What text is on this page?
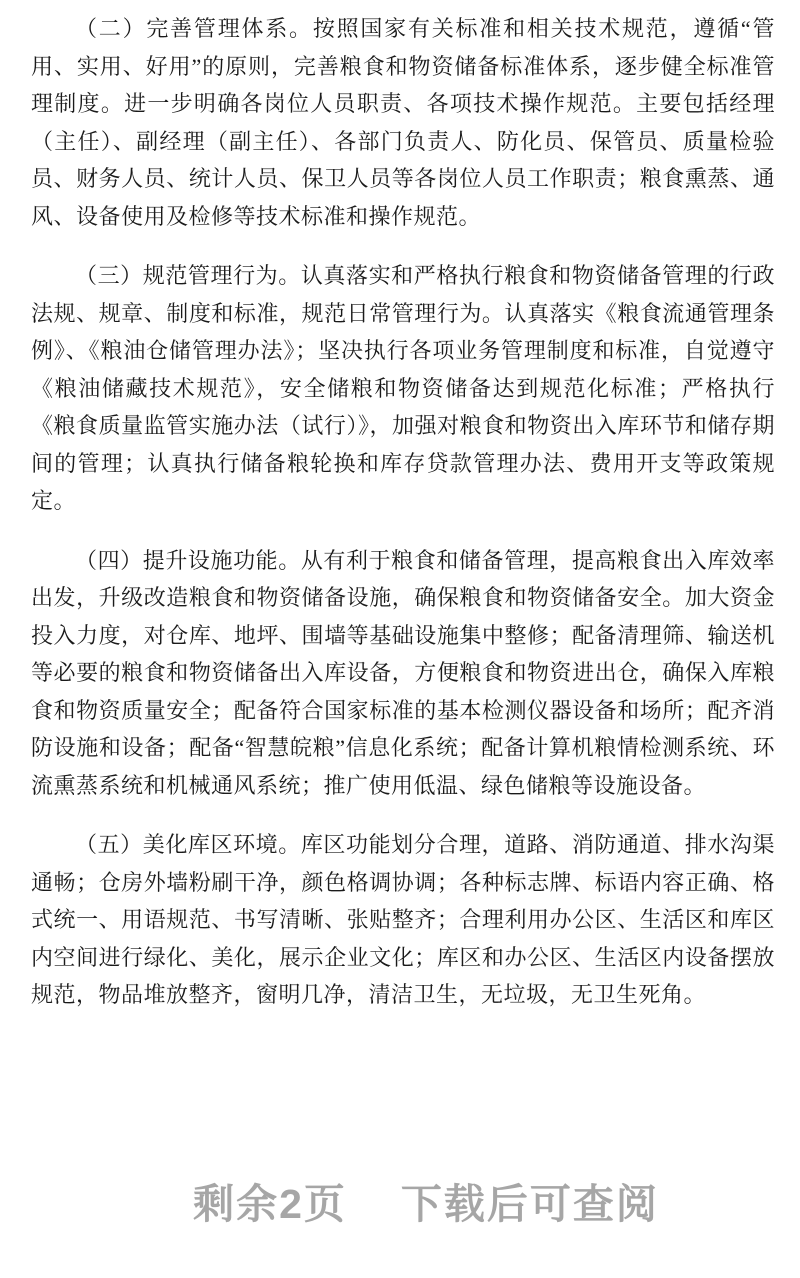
（二）完善管理体系。按照国家有关标准和相关技术规范，遵循“管用、实用、好用”的原则，完善粮食和物资储备标准体系，逐步健全标准管理制度。进一步明确各岗位人员职责、各项技术操作规范。主要包括经理（主任）、副经理（副主任）、各部门负责人、防化员、保管员、质量检验员、财务人员、统计人员、保卫人员等各岗位人员工作职责；粮食熏蒸、通风、设备使用及检修等技术标准和操作规范。

（三）规范管理行为。认真落实和严格执行粮食和物资储备管理的行政法规、规章、制度和标准，规范日常管理行为。认真落实《粮食流通管理条例》、《粮油仓储管理办法》；坚决执行各项业务管理制度和标准，自觉遵守《粮油储藏技术规范》，安全储粮和物资储备达到规范化标准；严格执行《粮食质量监管实施办法（试行）》，加强对粮食和物资出入库环节和储存期间的管理；认真执行储备粮轮换和库存贷款管理办法、费用开支等政策规定。

（四）提升设施功能。从有利于粮食和储备管理，提高粮食出入库效率出发，升级改造粮食和物资储备设施，确保粮食和物资储备安全。加大资金投入力度，对仓库、地坪、围墙等基础设施集中整修；配备清理筛、输送机等必要的粮食和物资储备出入库设备，方便粮食和物资进出仓，确保入库粮食和物资质量安全；配备符合国家标准的基本检测仪器设备和场所；配齐消防设施和设备；配备“智慧皖粮”信息化系统；配备计算机粮情检测系统、环流熏蒸系统和机械通风系统；推广使用低温、绿色储粮等设施设备。

（五）美化库区环境。库区功能划分合理，道路、消防通道、排水沟渠通畅；仓房外墙粉刷干净，颜色格调协调；各种标志牌、标语内容正确、格式统一、用语规范、书写清晰、张贴整齐；合理利用办公区、生活区和库区内空间进行绿化、美化，展示企业文化；库区和办公区、生活区内设备摆放规范，物品堆放整齐，窗明几净，清洁卫生，无垃圾，无卫生死角。

剩余2页 下载后可查阅
